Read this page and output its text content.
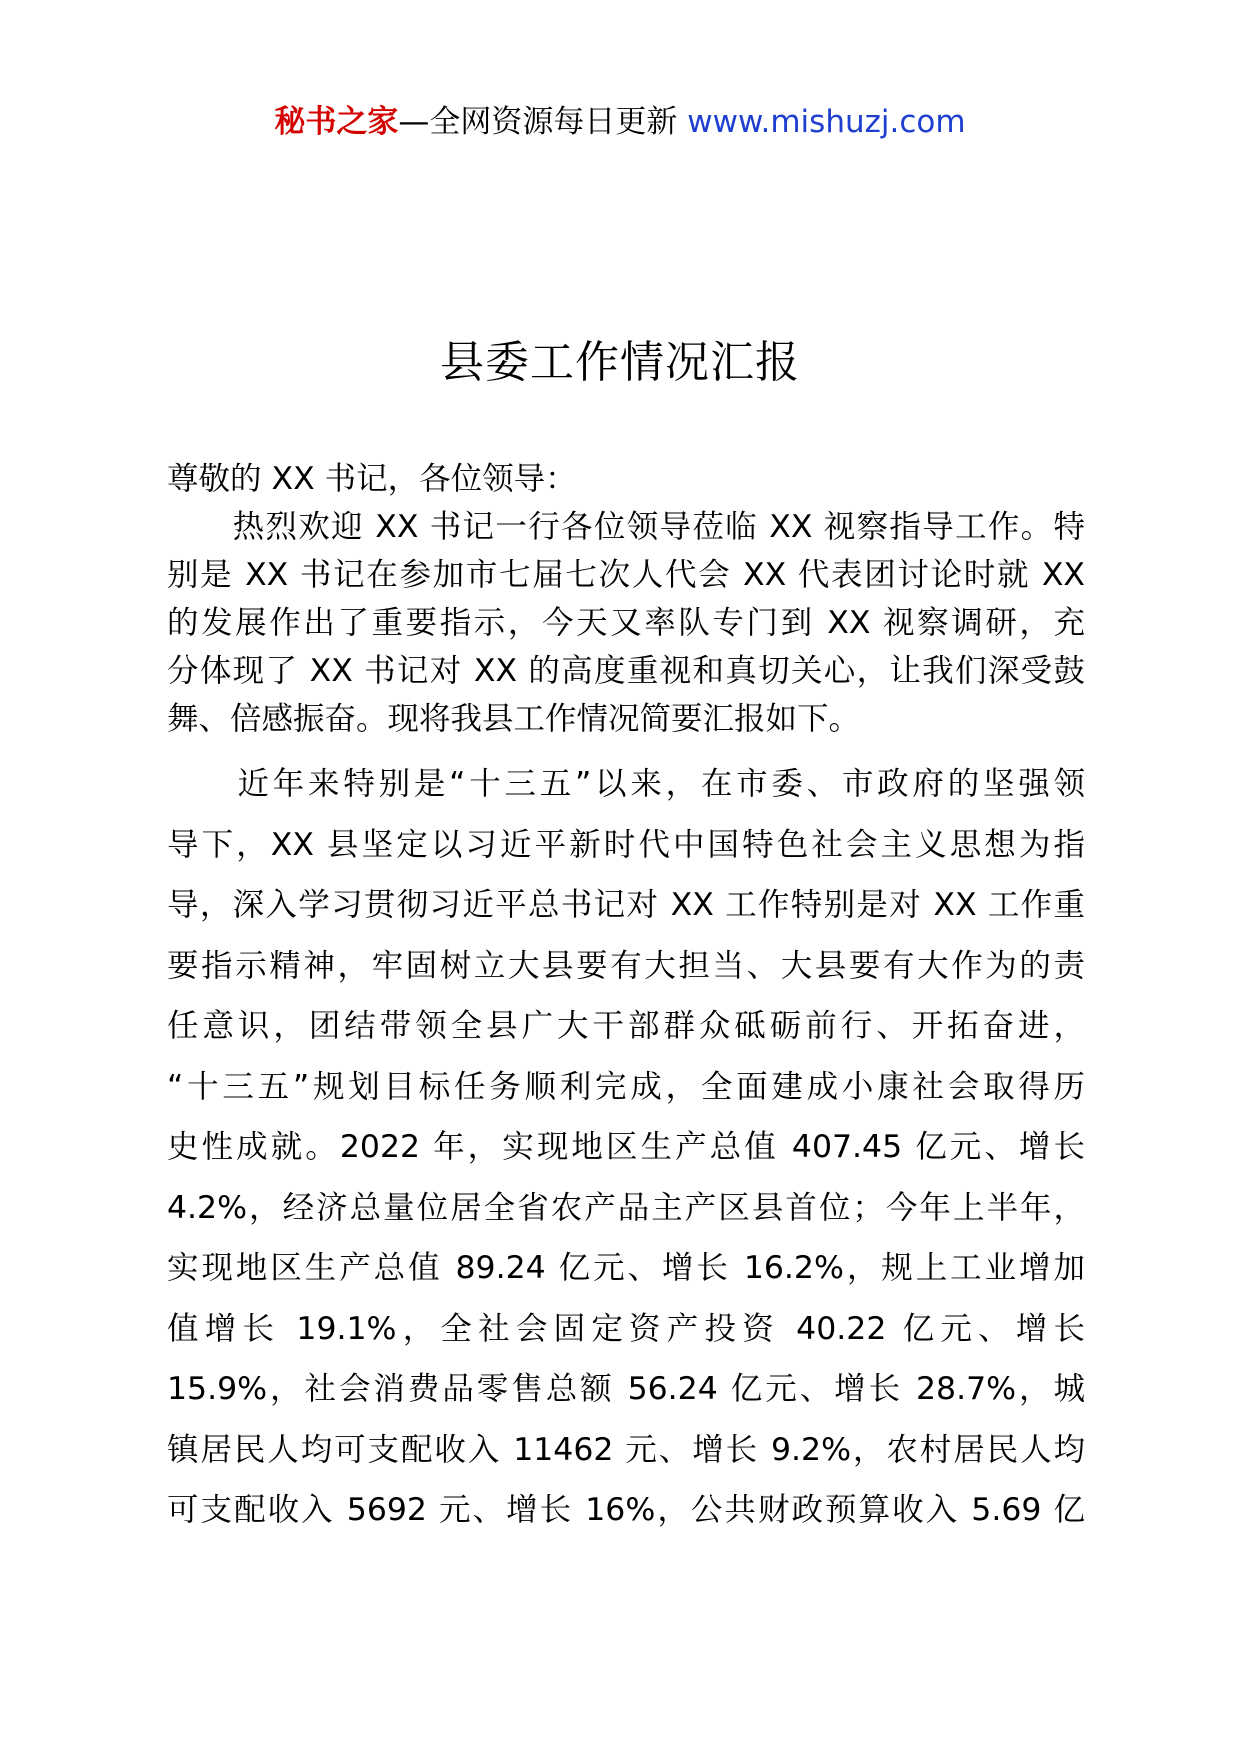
秘书之家—全网资源每日更新 www.mishuzj.com
县委工作情况汇报
尊敬的 XX 书记，各位领导：
　　热烈欢迎 XX 书记一行各位领导莅临 XX 视察指导工作。特
别是 XX 书记在参加市七届七次人代会 XX 代表团讨论时就 XX
的发展作出了重要指示，今天又率队专门到 XX 视察调研，充
分体现了 XX 书记对 XX 的高度重视和真切关心，让我们深受鼓
舞、倍感振奋。现将我县工作情况简要汇报如下。
　　近年来特别是“十三五”以来，在市委、市政府的坚强领
导下，XX 县坚定以习近平新时代中国特色社会主义思想为指
导，深入学习贯彻习近平总书记对 XX 工作特别是对 XX 工作重
要指示精神，牢固树立大县要有大担当、大县要有大作为的责
任意识，团结带领全县广大干部群众砥砺前行、开拓奋进，
“十三五”规划目标任务顺利完成，全面建成小康社会取得历
史性成就。2022 年，实现地区生产总值 407.45 亿元、增长
4.2%，经济总量位居全省农产品主产区县首位；今年上半年，
实现地区生产总值 89.24 亿元、增长 16.2%，规上工业增加
值增长 19.1%，全社会固定资产投资 40.22 亿元、增长
15.9%，社会消费品零售总额 56.24 亿元、增长 28.7%，城
镇居民人均可支配收入 11462 元、增长 9.2%，农村居民人均
可支配收入 5692 元、增长 16%，公共财政预算收入 5.69 亿
